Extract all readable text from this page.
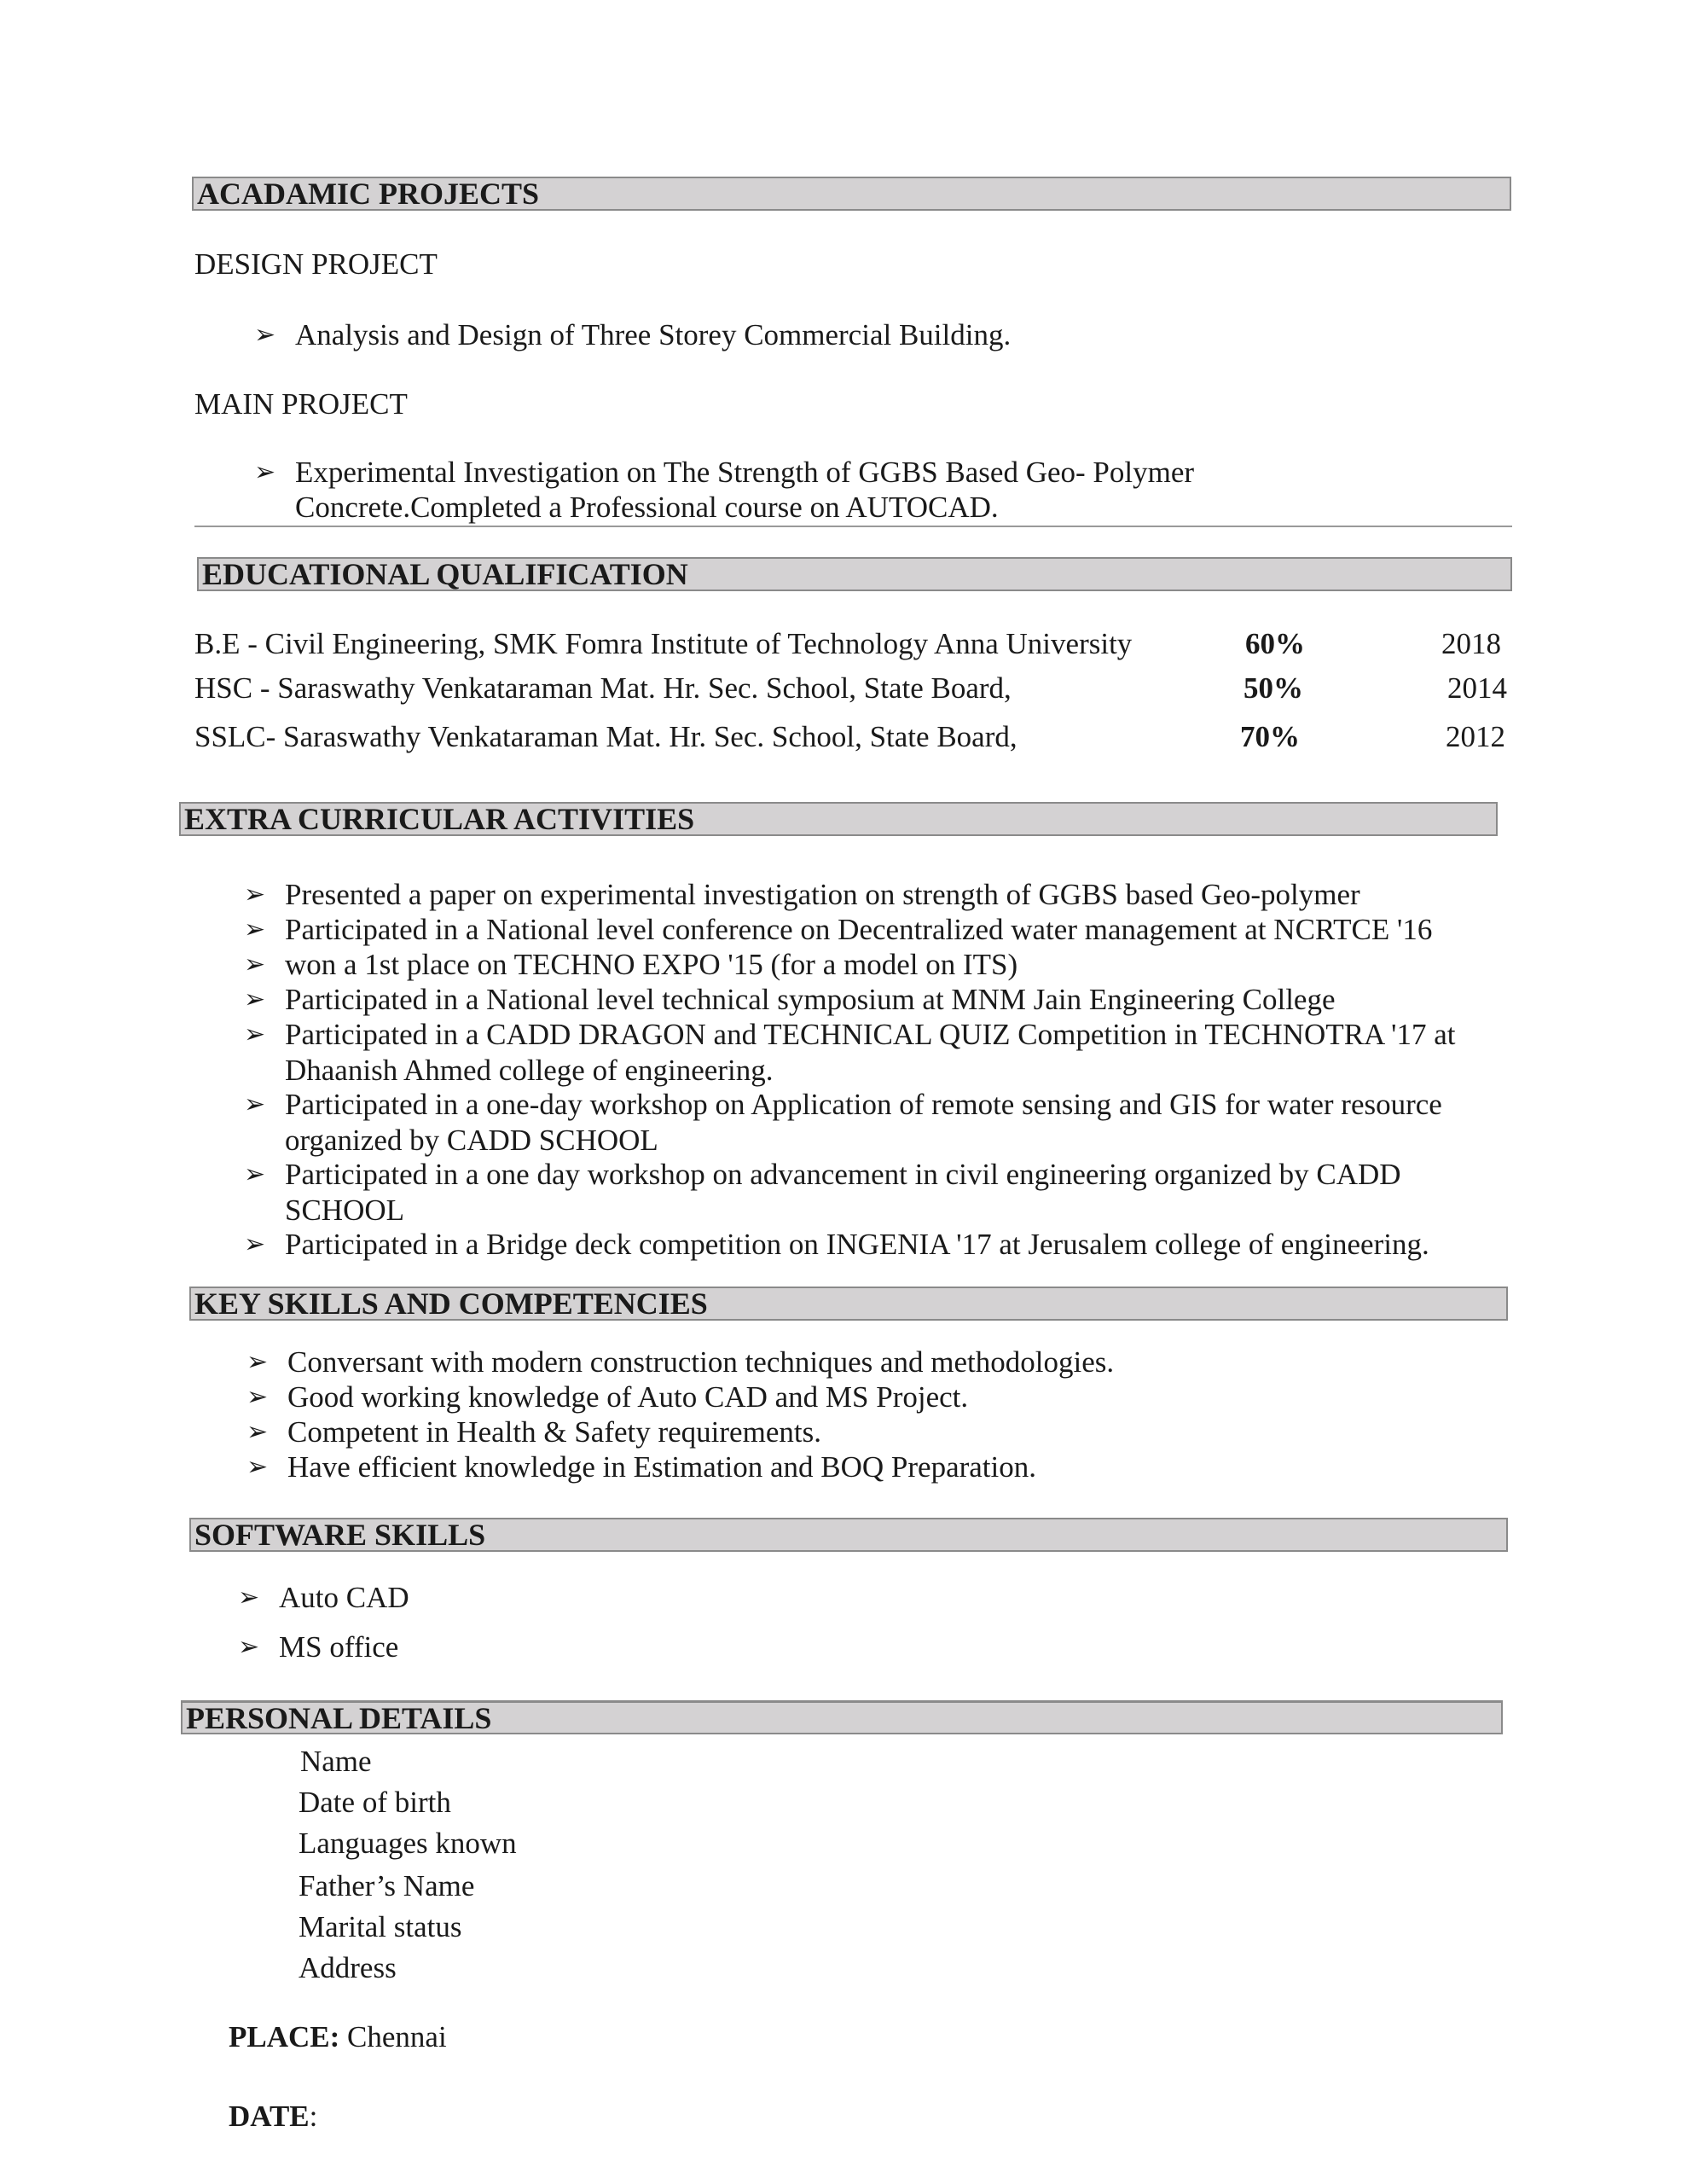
ACADAMIC PROJECTS
DESIGN PROJECT
➢ Analysis and Design of Three Storey Commercial Building.
MAIN PROJECT
➢ Experimental Investigation on The Strength of GGBS Based Geo- Polymer
Concrete.Completed a Professional course on AUTOCAD.
EDUCATIONAL QUALIFICATION
B.E - Civil Engineering, SMK Fomra Institute of Technology Anna University	60%	2018
HSC - Saraswathy Venkataraman Mat. Hr. Sec. School, State Board,	50%	2014
SSLC- Saraswathy Venkataraman Mat. Hr. Sec. School, State Board,	70%	2012
EXTRA CURRICULAR ACTIVITIES
➢ Presented a paper on experimental investigation on strength of GGBS based Geo-polymer
➢ Participated in a National level conference on Decentralized water management at NCRTCE '16
➢ won a 1st place on TECHNO EXPO '15 (for a model on ITS)
➢ Participated in a National level technical symposium at MNM Jain Engineering College
➢ Participated in a CADD DRAGON and TECHNICAL QUIZ Competition in TECHNOTRA '17 at Dhaanish Ahmed college of engineering.
➢ Participated in a one-day workshop on Application of remote sensing and GIS for water resource organized by CADD SCHOOL
➢ Participated in a one day workshop on advancement in civil engineering organized by CADD SCHOOL
➢ Participated in a Bridge deck competition on INGENIA '17 at Jerusalem college of engineering.
KEY SKILLS AND COMPETENCIES
➢ Conversant with modern construction techniques and methodologies.
➢ Good working knowledge of Auto CAD and MS Project.
➢ Competent in Health & Safety requirements.
➢ Have efficient knowledge in Estimation and BOQ Preparation.
SOFTWARE SKILLS
➢ Auto CAD
➢ MS office
PERSONAL DETAILS
Name
Date of birth
Languages known
Father’s Name
Marital status
Address
PLACE: Chennai
DATE:
